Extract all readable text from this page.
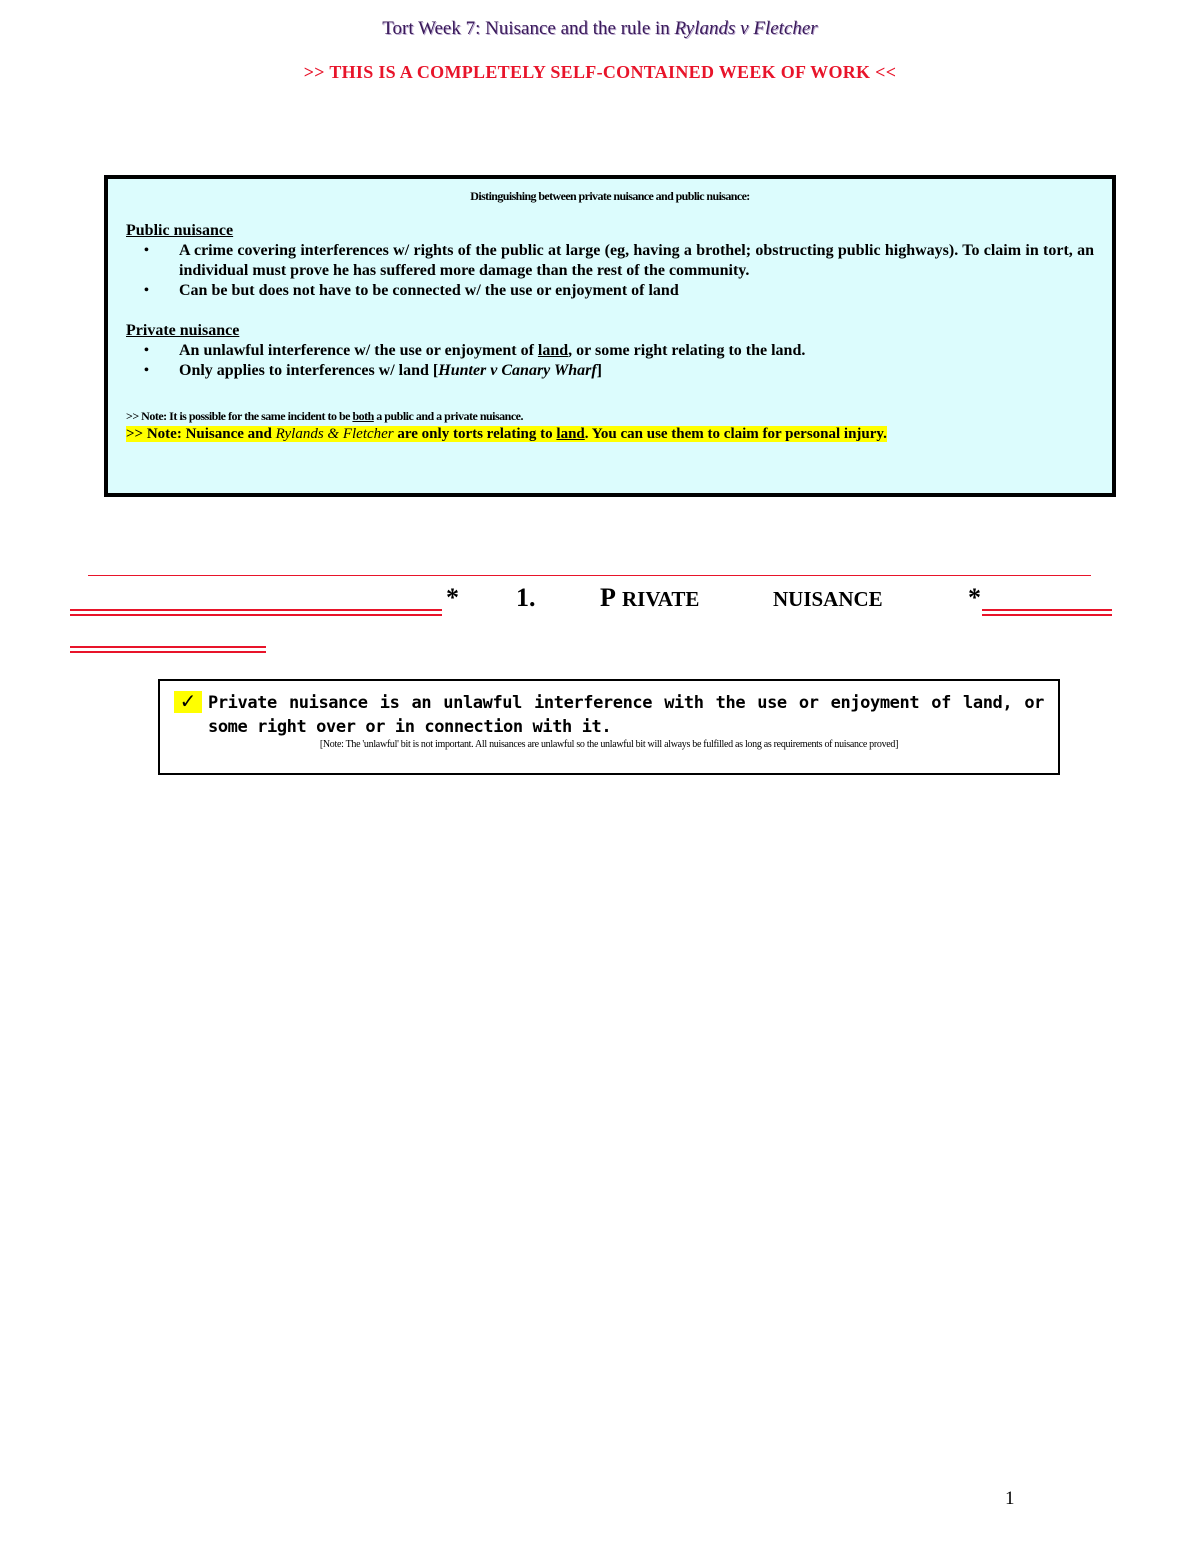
Tort Week 7: Nuisance and the rule in Rylands v Fletcher
>> THIS IS A COMPLETELY SELF-CONTAINED WEEK OF WORK <<
Distinguishing between private nuisance and public nuisance:
Public nuisance
• A crime covering interferences w/ rights of the public at large (eg, having a brothel; obstructing public highways). To claim in tort, an individual must prove he has suffered more damage than the rest of the community.
• Can be but does not have to be connected w/ the use or enjoyment of land
Private nuisance
• An unlawful interference w/ the use or enjoyment of land, or some right relating to the land.
• Only applies to interferences w/ land [Hunter v Canary Wharf]
>> Note: It is possible for the same incident to be both a public and a private nuisance.
>> Note: Nuisance and Rylands & Fletcher are only torts relating to land. You can use them to claim for personal injury.
* 1. P RIVATE	NUISANCE	*
✓ Private nuisance is an unlawful interference with the use or enjoyment of land, or some right over or in connection with it.
[Note: The 'unlawful' bit is not important. All nuisances are unlawful so the unlawful bit will always be fulfilled as long as requirements of nuisance proved]
1
